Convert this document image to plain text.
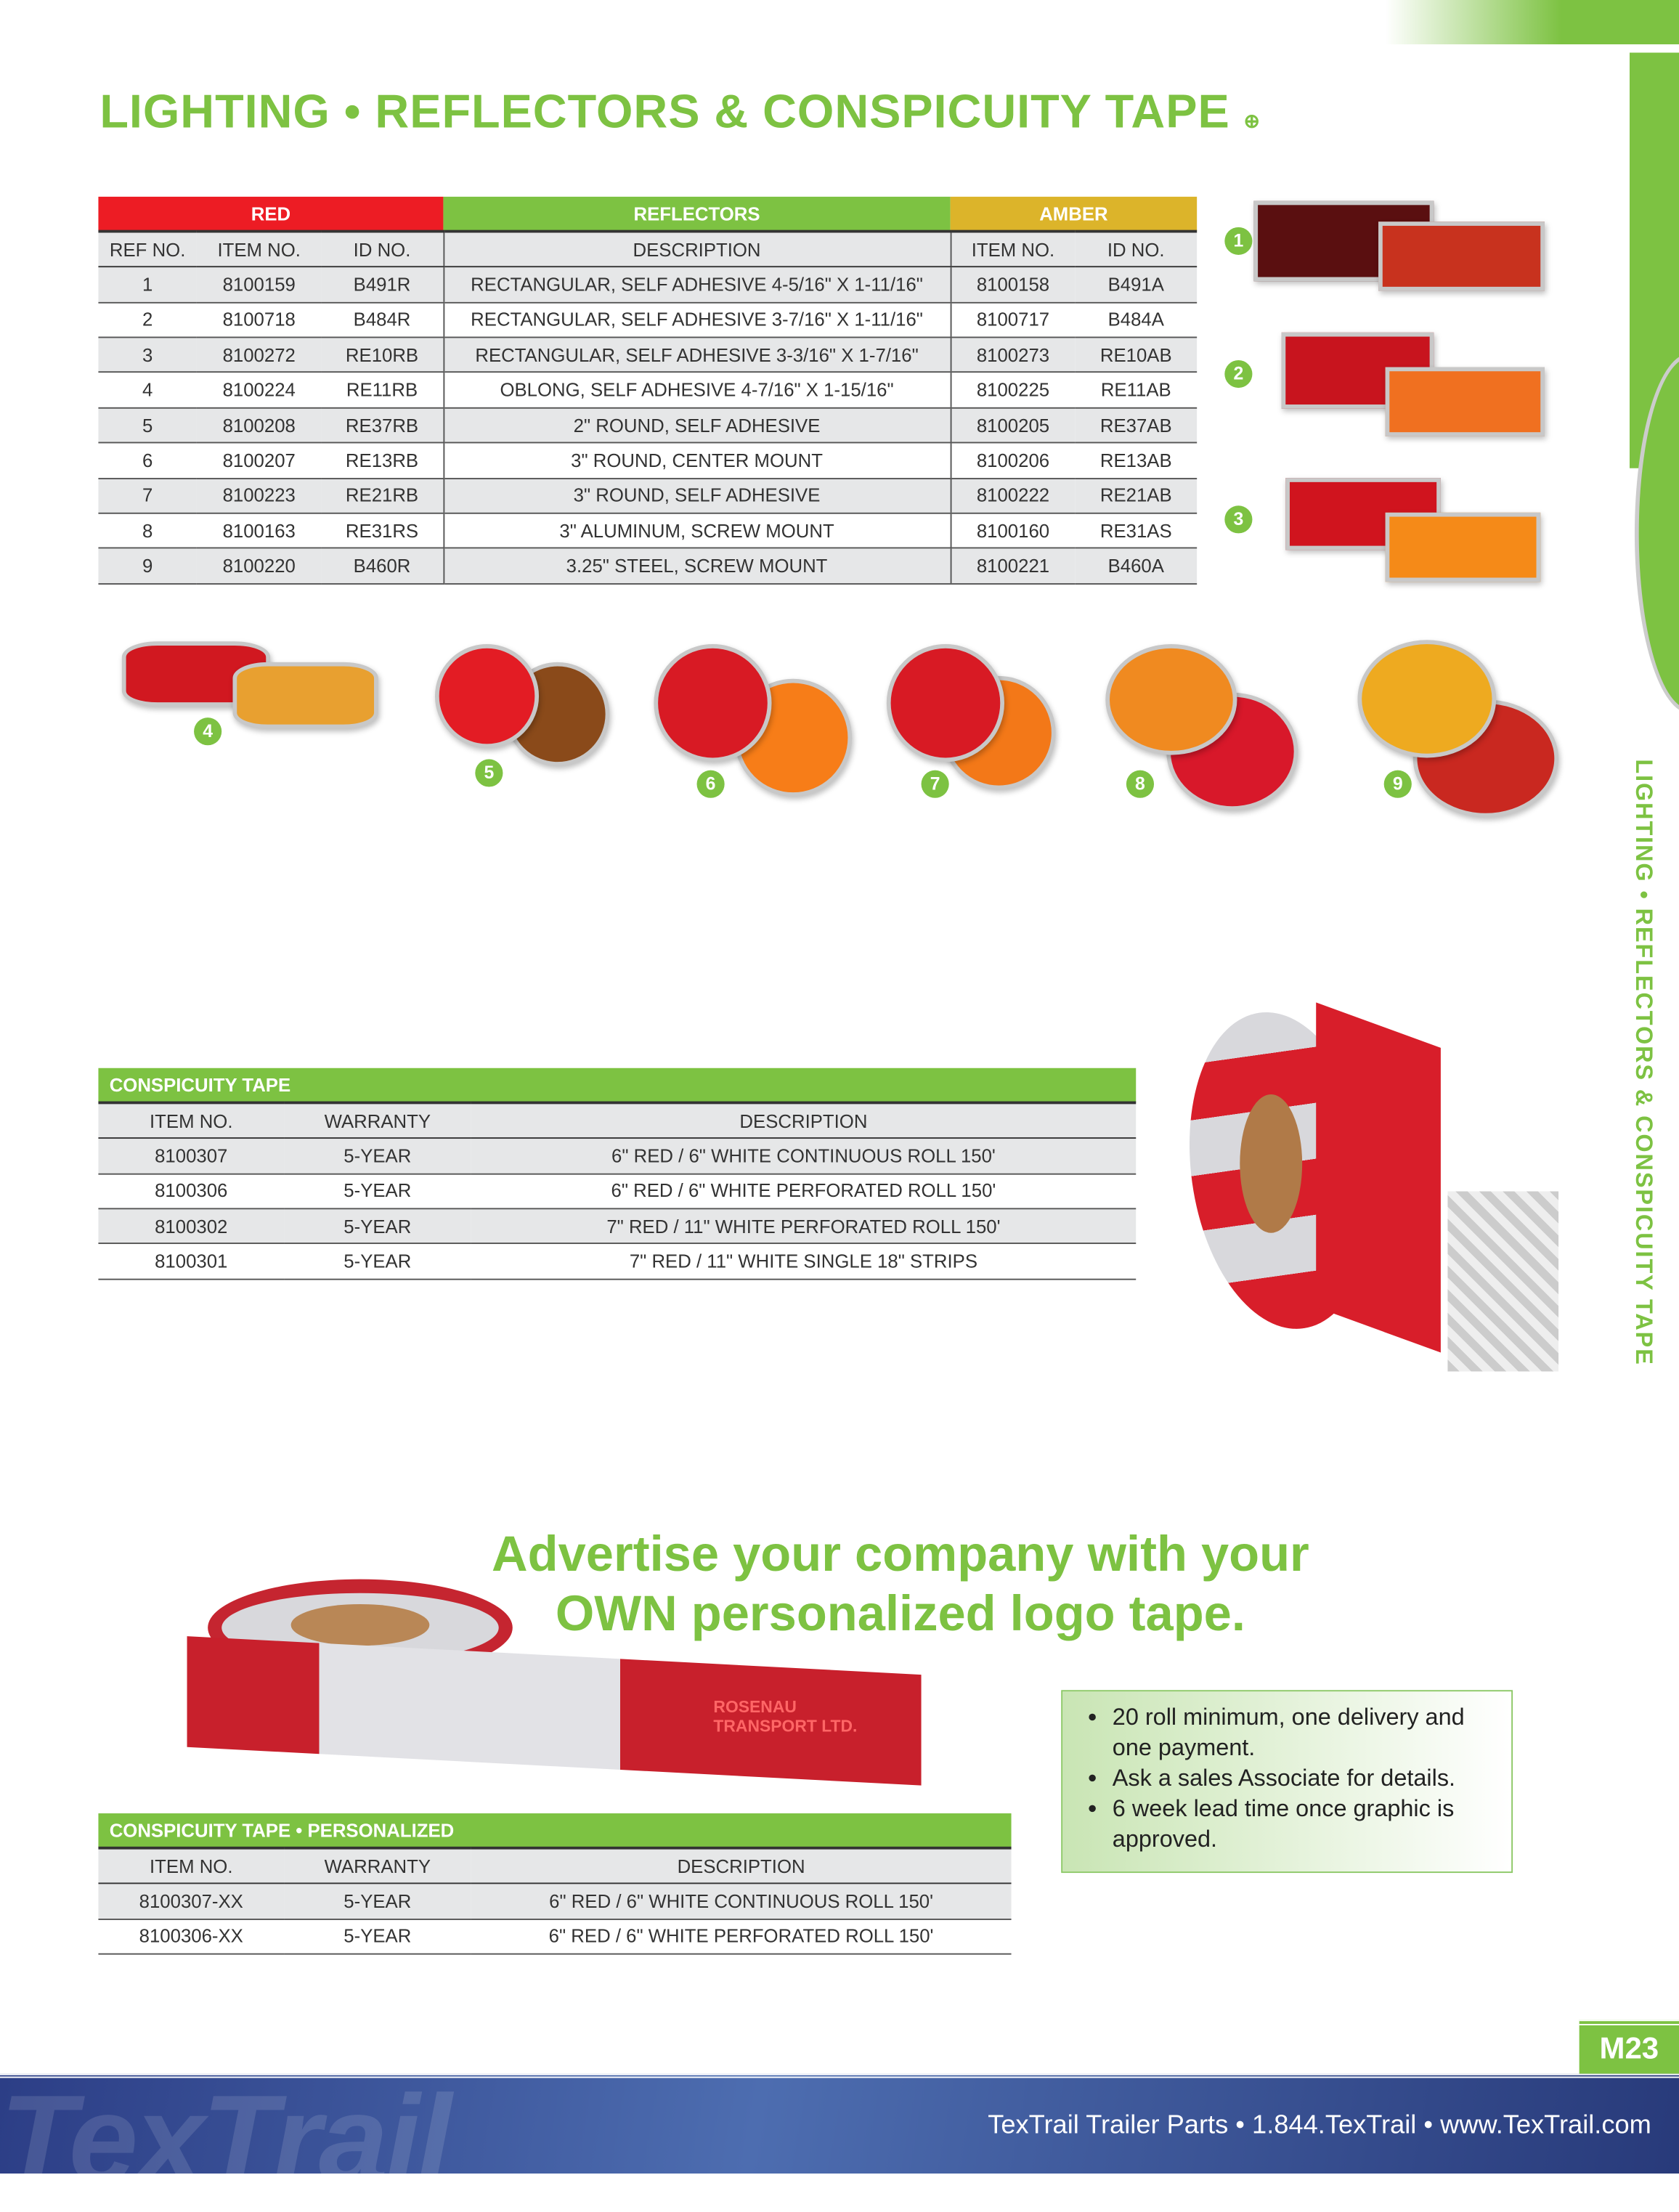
LIGHTING • REFLECTORS & CONSPICUITY TAPE
LIGHTING • REFLECTORS & CONSPICUITY TAPE ⊕
RED			REFLECTORS	AMBER	
REF NO.	ITEM NO.	ID NO.	DESCRIPTION	ITEM NO.	ID NO.
1	8100159	B491R	RECTANGULAR, SELF ADHESIVE 4-5/16" X 1-11/16"	8100158	B491A
2	8100718	B484R	RECTANGULAR, SELF ADHESIVE 3-7/16" X 1-11/16"	8100717	B484A
3	8100272	RE10RB	RECTANGULAR, SELF ADHESIVE 3-3/16" X 1-7/16"	8100273	RE10AB
4	8100224	RE11RB	OBLONG, SELF ADHESIVE 4-7/16" X 1-15/16"	8100225	RE11AB
5	8100208	RE37RB	2" ROUND, SELF ADHESIVE	8100205	RE37AB
6	8100207	RE13RB	3" ROUND, CENTER MOUNT	8100206	RE13AB
7	8100223	RE21RB	3" ROUND, SELF ADHESIVE	8100222	RE21AB
8	8100163	RE31RS	3" ALUMINUM, SCREW MOUNT	8100160	RE31AS
9	8100220	B460R	3.25" STEEL, SCREW MOUNT	8100221	B460A
1
2
3
4
5
6	7	8	9
CONSPICUITY TAPE		
ITEM NO.	WARRANTY	DESCRIPTION
8100307	5-YEAR	6" RED / 6" WHITE CONTINUOUS ROLL 150'
8100306	5-YEAR	6" RED / 6" WHITE PERFORATED ROLL 150'
8100302	5-YEAR	7" RED / 11" WHITE PERFORATED ROLL 150'
8100301	5-YEAR	7" RED / 11" WHITE SINGLE 18" STRIPS
Advertise your company with your
OWN personalized logo tape.
ROSENAU TRANSPORT LTD.
CONSPICUITY TAPE • PERSONALIZED		
ITEM NO.	WARRANTY	DESCRIPTION
8100307-XX	5-YEAR	6" RED / 6" WHITE CONTINUOUS ROLL 150'
8100306-XX	5-YEAR	6" RED / 6" WHITE PERFORATED ROLL 150'
• 20 roll minimum, one delivery and one payment.
• Ask a sales Associate for details.
• 6 week lead time once graphic is approved.
M23
TexTrail	TexTrail Trailer Parts • 1.844.TexTrail • www.TexTrail.com
